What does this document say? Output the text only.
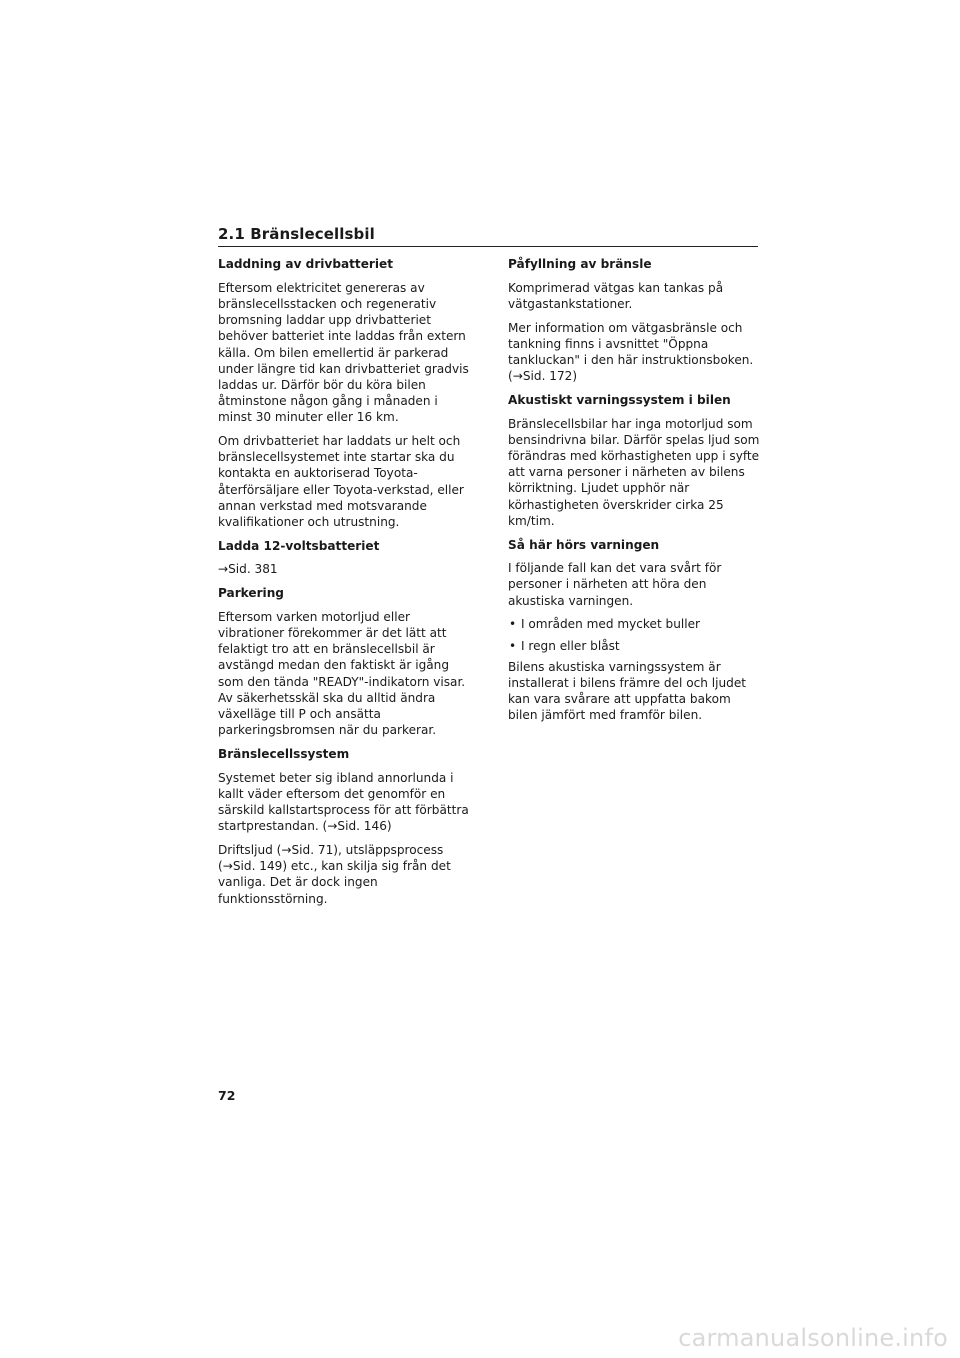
2.1 Bränslecellsbil
Laddning av drivbatteriet

Eftersom elektricitet genereras av bränslecellsstacken och regenerativ bromsning laddar upp drivbatteriet behöver batteriet inte laddas från extern källa. Om bilen emellertid är parkerad under längre tid kan drivbatteriet gradvis laddas ur. Därför bör du köra bilen åtminstone någon gång i månaden i minst 30 minuter eller 16 km.

Om drivbatteriet har laddats ur helt och bränslecellsystemet inte startar ska du kontakta en auktoriserad Toyota-återförsäljare eller Toyota-verkstad, eller annan verkstad med motsvarande kvalifikationer och utrustning.

Ladda 12-voltsbatteriet

→Sid. 381

Parkering

Eftersom varken motorljud eller vibrationer förekommer är det lätt att felaktigt tro att en bränslecellsbil är avstängd medan den faktiskt är igång som den tända "READY"-indikatorn visar. Av säkerhetsskäl ska du alltid ändra växelläge till P och ansätta parkeringsbromsen när du parkerar.

Bränslecellssystem

Systemet beter sig ibland annorlunda i kallt väder eftersom det genomför en särskild kallstartsprocess för att förbättra startprestandan. (→Sid. 146)

Driftsljud (→Sid. 71), utsläppsprocess (→Sid. 149) etc., kan skilja sig från det vanliga. Det är dock ingen funktionsstörning.

Påfyllning av bränsle

Komprimerad vätgas kan tankas på vätgastankstationer.

Mer information om vätgasbränsle och tankning finns i avsnittet "Öppna tankluckan" i den här instruktionsboken. (→Sid. 172)

Akustiskt varningssystem i bilen

Bränslecellsbilar har inga motorljud som bensindrivna bilar. Därför spelas ljud som förändras med körhastigheten upp i syfte att varna personer i närheten av bilens körriktning. Ljudet upphör när körhastigheten överskrider cirka 25 km/tim.

Så här hörs varningen

I följande fall kan det vara svårt för personer i närheten att höra den akustiska varningen.

• I områden med mycket buller
• I regn eller blåst

Bilens akustiska varningssystem är installerat i bilens främre del och ljudet kan vara svårare att uppfatta bakom bilen jämfört med framför bilen.

72
carmanualsonline.info
